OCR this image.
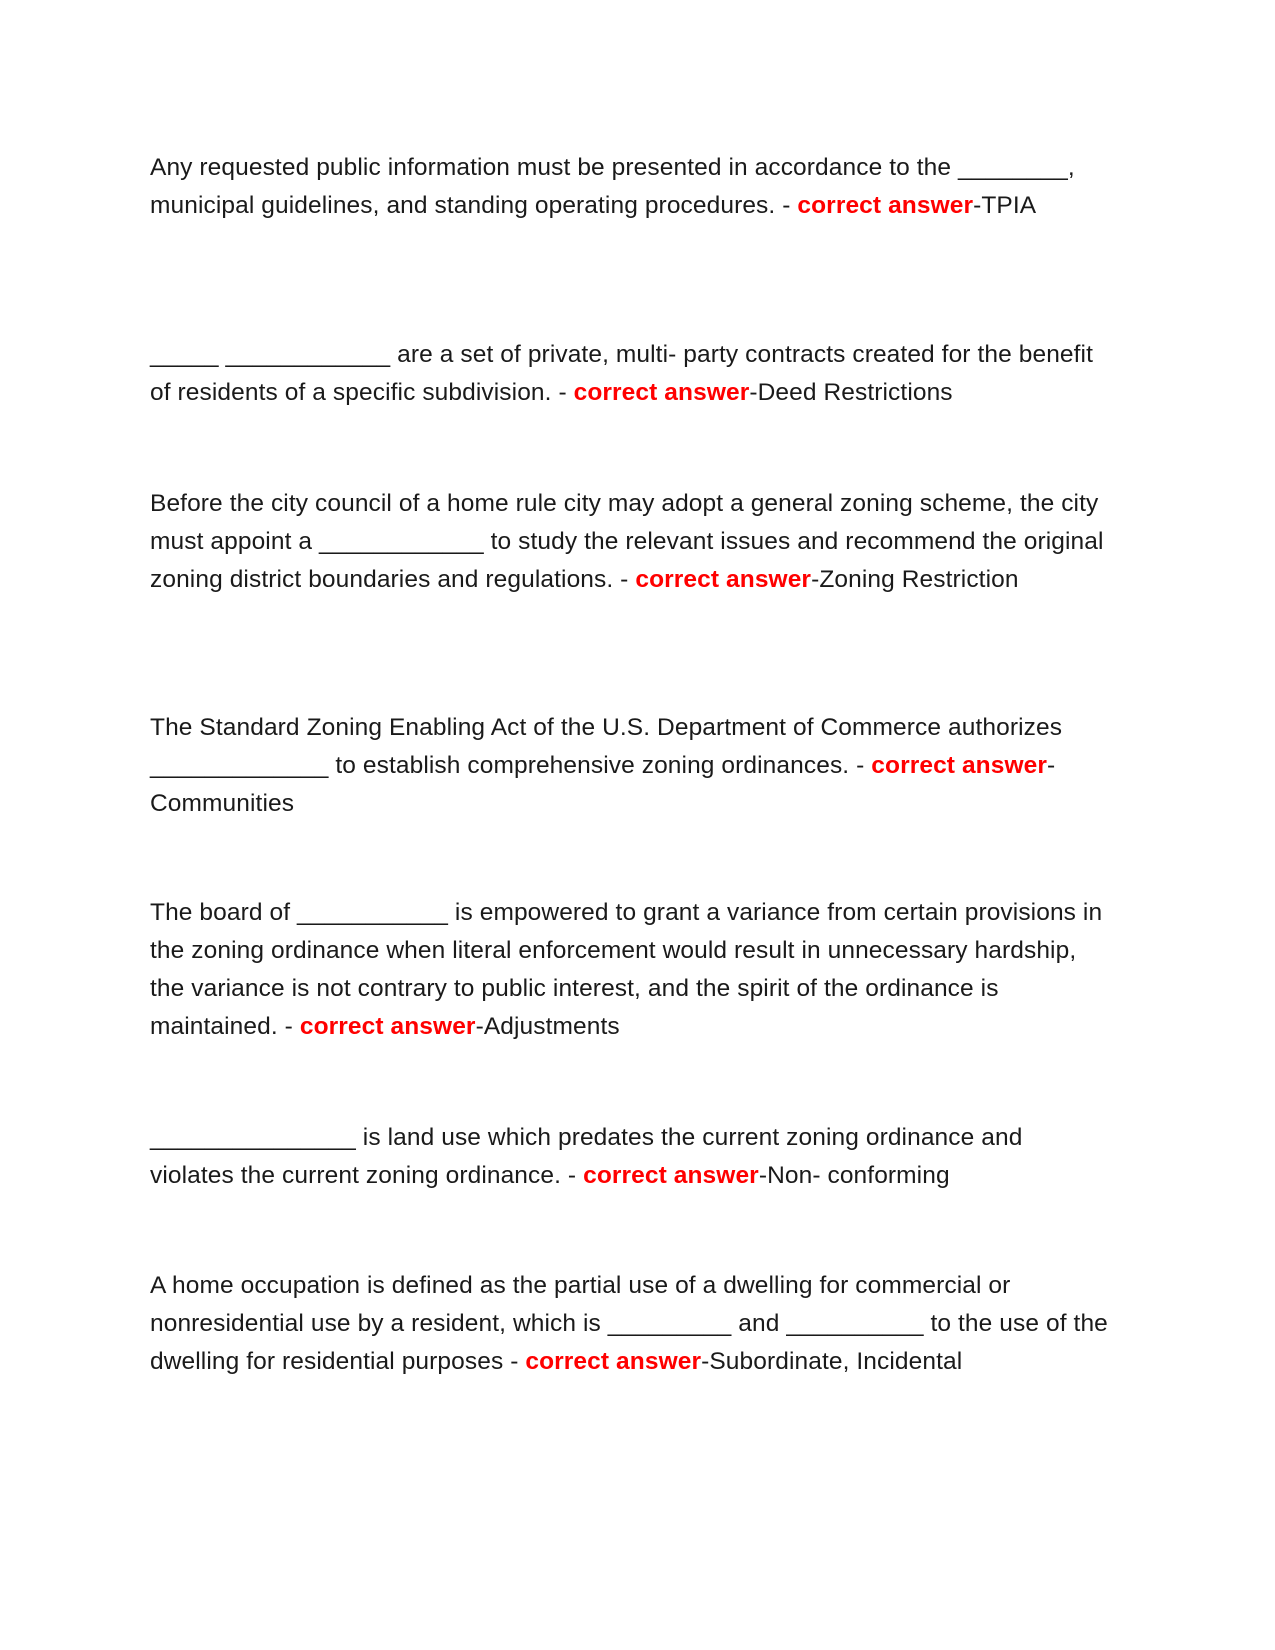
Any requested public information must be presented in accordance to the ________, municipal guidelines, and standing operating procedures. - correct answer-TPIA

_____ ____________ are a set of private, multi- party contracts created for the benefit of residents of a specific subdivision. - correct answer-Deed Restrictions

Before the city council of a home rule city may adopt a general zoning scheme, the city must appoint a ____________ to study the relevant issues and recommend the original zoning district boundaries and regulations. - correct answer-Zoning Restriction

The Standard Zoning Enabling Act of the U.S. Department of Commerce authorizes _____________ to establish comprehensive zoning ordinances. - correct answer-Communities

The board of ___________ is empowered to grant a variance from certain provisions in the zoning ordinance when literal enforcement would result in unnecessary hardship, the variance is not contrary to public interest, and the spirit of the ordinance is maintained. - correct answer-Adjustments

_______________ is land use which predates the current zoning ordinance and violates the current zoning ordinance. - correct answer-Non- conforming

A home occupation is defined as the partial use of a dwelling for commercial or nonresidential use by a resident, which is _________ and __________ to the use of the dwelling for residential purposes - correct answer-Subordinate, Incidental
